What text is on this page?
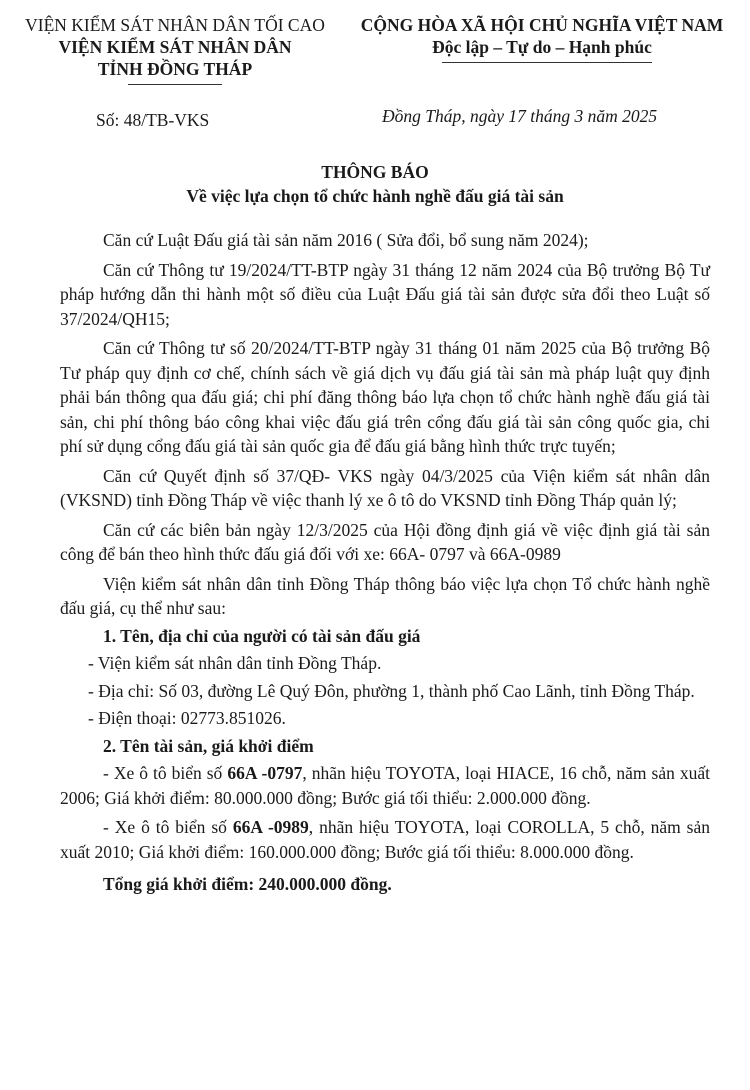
VIỆN KIỂM SÁT NHÂN DÂN TỐI CAO
VIỆN KIỂM SÁT NHÂN DÂN
TỈNH ĐỒNG THÁP
CỘNG HÒA XÃ HỘI CHỦ NGHĨA VIỆT NAM
Độc lập – Tự do – Hạnh phúc
Số: 48/TB-VKS	Đồng Tháp, ngày 17 tháng 3 năm 2025
THÔNG BÁO
Về việc lựa chọn tổ chức hành nghề đấu giá tài sản

Căn cứ Luật Đấu giá tài sản năm 2016 ( Sửa đổi, bổ sung năm 2024);

Căn cứ Thông tư 19/2024/TT-BTP ngày 31 tháng 12 năm 2024 của Bộ trưởng Bộ Tư pháp hướng dẫn thi hành một số điều của Luật Đấu giá tài sản được sửa đổi theo Luật số 37/2024/QH15;

Căn cứ Thông tư số 20/2024/TT-BTP ngày 31 tháng 01 năm 2025 của Bộ trưởng Bộ Tư pháp quy định cơ chế, chính sách về giá dịch vụ đấu giá tài sản mà pháp luật quy định phải bán thông qua đấu giá; chi phí đăng thông báo lựa chọn tổ chức hành nghề đấu giá tài sản, chi phí thông báo công khai việc đấu giá trên cổng đấu giá tài sản công quốc gia, chi phí sử dụng cổng đấu giá tài sản quốc gia để đấu giá bằng hình thức trực tuyến;

Căn cứ Quyết định số 37/QĐ- VKS ngày 04/3/2025 của Viện kiểm sát nhân dân (VKSND) tỉnh Đồng Tháp về việc thanh lý xe ô tô do VKSND tỉnh Đồng Tháp quản lý;

Căn cứ các biên bản ngày 12/3/2025 của Hội đồng định giá về việc định giá tài sản công để bán theo hình thức đấu giá đối với xe: 66A- 0797 và 66A-0989

Viện kiểm sát nhân dân tỉnh Đồng Tháp thông báo việc lựa chọn Tổ chức hành nghề đấu giá, cụ thể như sau:

1. Tên, địa chỉ của người có tài sản đấu giá

- Viện kiểm sát nhân dân tỉnh Đồng Tháp.

- Địa chỉ: Số 03, đường Lê Quý Đôn, phường 1, thành phố Cao Lãnh, tỉnh Đồng Tháp.

- Điện thoại: 02773.851026.

2. Tên tài sản, giá khởi điểm

- Xe ô tô biển số 66A -0797, nhãn hiệu TOYOTA, loại HIACE, 16 chỗ, năm sản xuất 2006; Giá khởi điểm: 80.000.000 đồng; Bước giá tối thiểu: 2.000.000 đồng.

- Xe ô tô biển số 66A -0989, nhãn hiệu TOYOTA, loại COROLLA, 5 chỗ, năm sản xuất 2010; Giá khởi điểm: 160.000.000 đồng; Bước giá tối thiểu: 8.000.000 đồng.

Tổng giá khởi điểm: 240.000.000 đồng.
